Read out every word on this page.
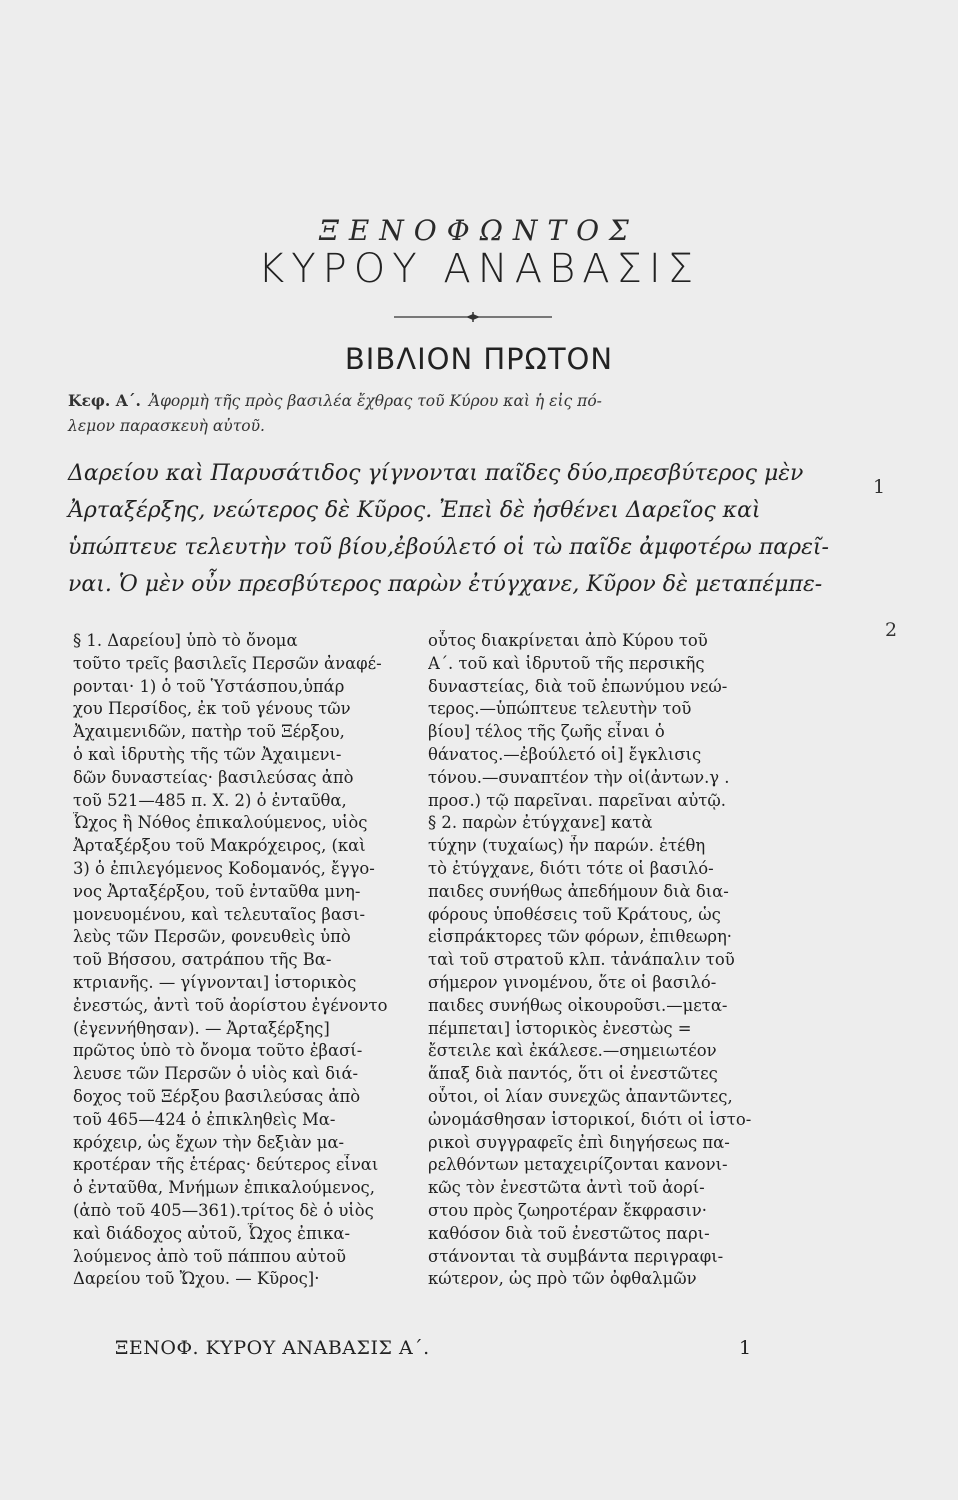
ΞΕΝΟΦΩΝΤΟΣ
ΚΥΡΟΥ ΑΝΑΒΑΣΙΣ
ΒΙΒΛΙΟΝ ΠΡΩΤΟΝ
Κεφ. Α΄. Ἀφορμὴ τῆς πρὸς βασιλέα ἔχθρας τοῦ Κύρου καὶ ἡ εἰς πό-
λεμον παρασκευὴ αὐτοῦ.
Δαρείου καὶ Παρυσάτιδος γίγνονται παῖδες δύο,πρεσβύτερος μὲν
Ἀρταξέρξης, νεώτερος δὲ Κῦρος. Ἐπεὶ δὲ ἠσθένει Δαρεῖος καὶ
ὑπώπτευε τελευτὴν τοῦ βίου,ἐβούλετό οἱ τὼ παῖδε ἀμφοτέρω παρεῖ-
ναι. Ὁ μὲν οὖν πρεσβύτερος παρὼν ἐτύγχανε, Κῦρον δὲ μεταπέμπε-
1
2
§ 1. Δαρείου] ὑπὸ τὸ ὄνομα
τοῦτο τρεῖς βασιλεῖς Περσῶν ἀναφέ-
ρονται· 1) ὁ τοῦ Ὑστάσπου,ὑπάρ
χου Περσίδος, ἐκ τοῦ γένους τῶν
Ἀχαιμενιδῶν, πατὴρ τοῦ Ξέρξου,
ὁ καὶ ἱδρυτὴς τῆς τῶν Ἀχαιμενι-
δῶν δυναστείας· βασιλεύσας ἀπὸ
τοῦ 521—485 π. Χ. 2) ὁ ἐνταῦθα,
Ὦχος ἢ Νόθος ἐπικαλούμενος, υἱὸς
Ἀρταξέρξου τοῦ Μακρόχειρος, (καὶ
3) ὁ ἐπιλεγόμενος Κοδομανός, ἔγγο-
νος Ἀρταξέρξου, τοῦ ἐνταῦθα μνη-
μονευομένου, καὶ τελευταῖος βασι-
λεὺς τῶν Περσῶν, φονευθεὶς ὑπὸ
τοῦ Βήσσου, σατράπου τῆς Βα-
κτριανῆς. — γίγνονται] ἱστορικὸς
ἐνεστώς, ἀντὶ τοῦ ἀορίστου ἐγένοντο
(ἐγεννήθησαν). — Ἀρταξέρξης]
πρῶτος ὑπὸ τὸ ὄνομα τοῦτο ἐβασί-
λευσε τῶν Περσῶν ὁ υἱὸς καὶ διά-
δοχος τοῦ Ξέρξου βασιλεύσας ἀπὸ
τοῦ 465—424 ὁ ἐπικληθεὶς Μα-
κρόχειρ, ὡς ἔχων τὴν δεξιὰν μα-
κροτέραν τῆς ἑτέρας· δεύτερος εἶναι
ὁ ἐνταῦθα, Μνήμων ἐπικαλούμενος,
(ἀπὸ τοῦ 405—361).τρίτος δὲ ὁ υἱὸς
καὶ διάδοχος αὐτοῦ, Ὦχος ἐπικα-
λούμενος ἀπὸ τοῦ πάππου αὐτοῦ
Δαρείου τοῦ Ὤχου. — Κῦρος]·
οὗτος διακρίνεται ἀπὸ Κύρου τοῦ
Α΄. τοῦ καὶ ἱδρυτοῦ τῆς περσικῆς
δυναστείας, διὰ τοῦ ἐπωνύμου νεώ-
τερος.—ὑπώπτευε τελευτὴν τοῦ
βίου] τέλος τῆς ζωῆς εἶναι ὁ
θάνατος.—ἐβούλετό οἱ] ἔγκλισις
τόνου.—συναπτέον τὴν οἱ(ἀντων.γ .
προσ.) τῷ παρεῖναι. παρεῖναι αὐτῷ.
§ 2. παρὼν ἐτύγχανε] κατὰ
τύχην (τυχαίως) ἦν παρών. ἐτέθη
τὸ ἐτύγχανε, διότι τότε οἱ βασιλό-
παιδες συνήθως ἀπεδήμουν διὰ δια-
φόρους ὑποθέσεις τοῦ Κράτους, ὡς
εἰσπράκτορες τῶν φόρων, ἐπιθεωρη·
ταὶ τοῦ στρατοῦ κλπ. τἀνάπαλιν τοῦ
σήμερον γινομένου, ὅτε οἱ βασιλό-
παιδες συνήθως οἰκουροῦσι.—μετα-
πέμπεται] ἱστορικὸς ἐνεστὼς =
ἔστειλε καὶ ἐκάλεσε.—σημειωτέον
ἅπαξ διὰ παντός, ὅτι οἱ ἐνεστῶτες
οὗτοι, οἱ λίαν συνεχῶς ἀπαντῶντες,
ὠνομάσθησαν ἱστορικοί, διότι οἱ ἱστο-
ρικοὶ συγγραφεῖς ἐπὶ διηγήσεως πα-
ρελθόντων μεταχειρίζονται κανονι-
κῶς τὸν ἐνεστῶτα ἀντὶ τοῦ ἀορί-
στου πρὸς ζωηροτέραν ἔκφρασιν·
καθόσον διὰ τοῦ ἐνεστῶτος παρι-
στάνονται τὰ συμβάντα περιγραφι-
κώτερον, ὡς πρὸ τῶν ὀφθαλμῶν
ΞΕΝΟΦ. ΚΥΡΟΥ ΑΝΑΒΑΣΙΣ Α΄.	1
